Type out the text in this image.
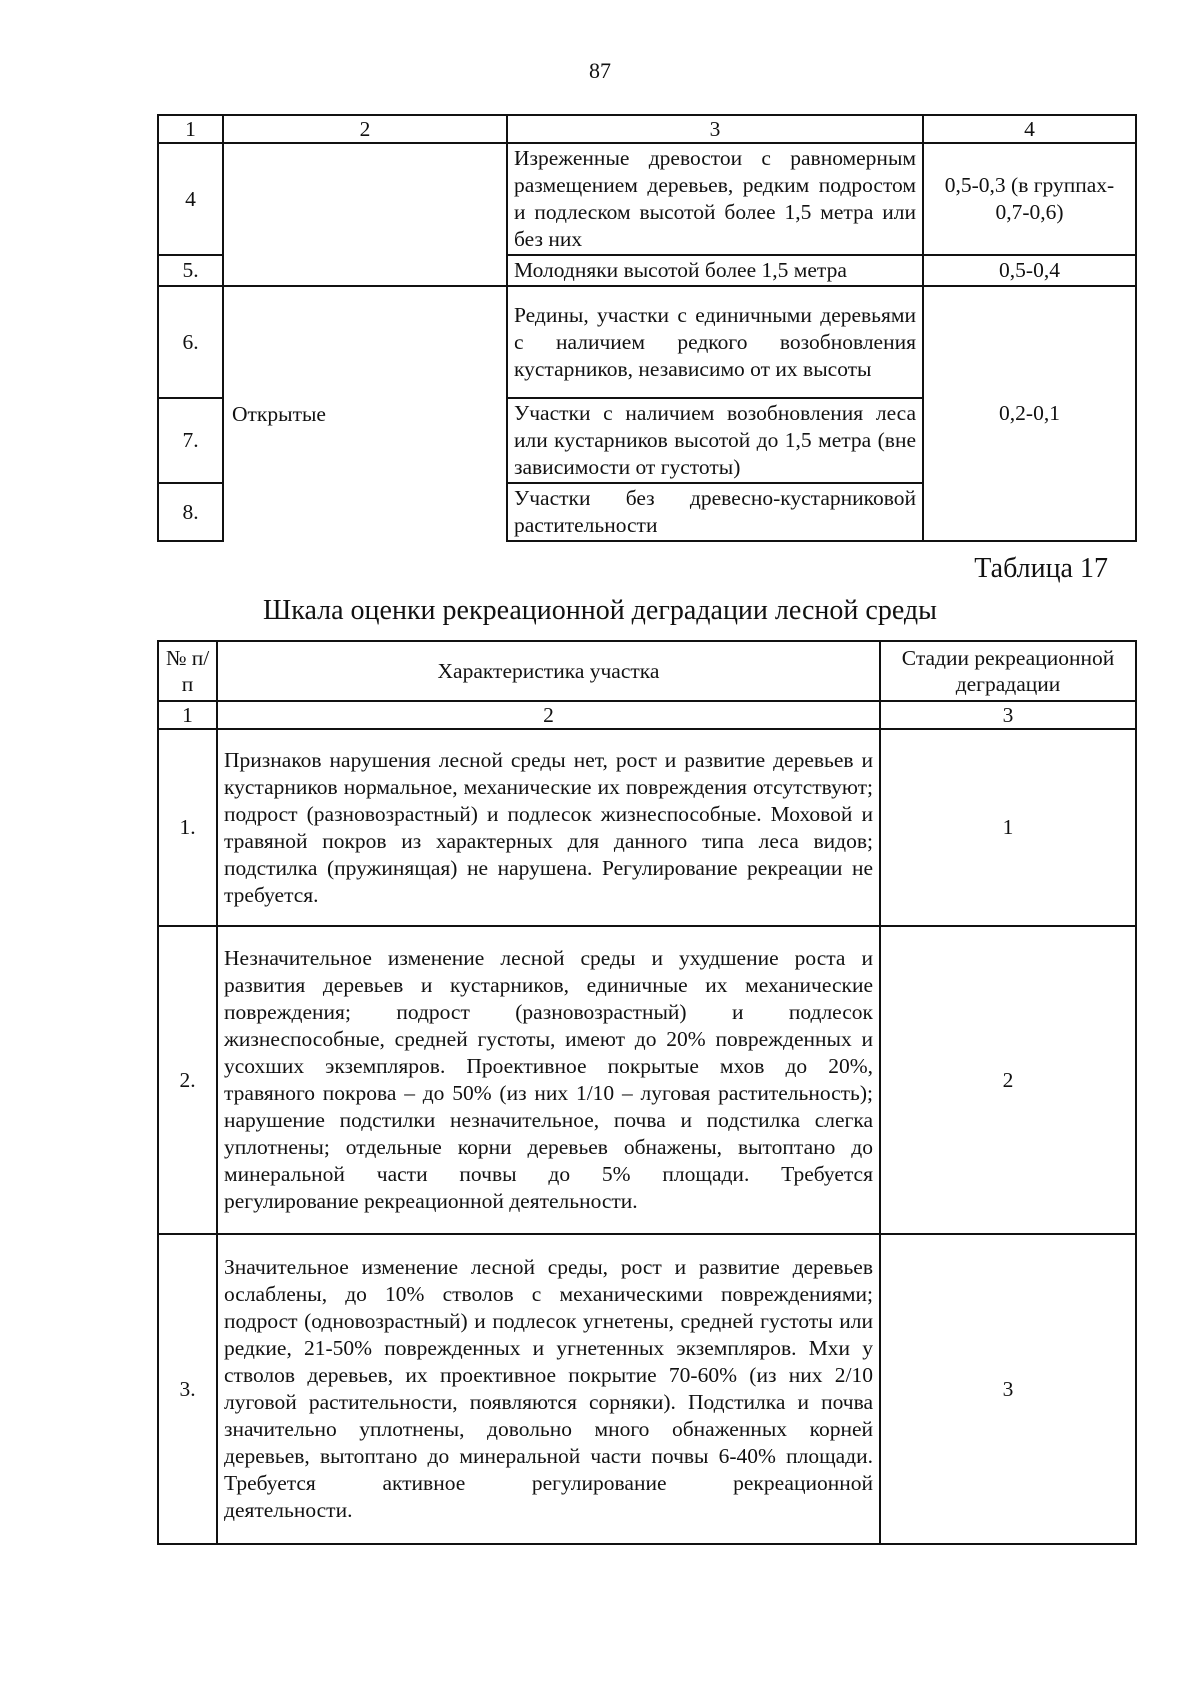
87
1	2	3	4
4		Изреженные древостои с равномерным размещением деревьев, редким подростом и подлеском высотой более 1,5 метра или без них	0,5-0,3 (в группах- 0,7-0,6)
5.		Молодняки высотой более 1,5 метра	0,5-0,4
6.	Открытые	Редины, участки с единичными деревьями с наличием редкого возобновления кустарников, независимо от их высоты	0,2-0,1
7.		Участки с наличием возобновления леса или кустарников высотой до 1,5 метра (вне зависимости от густоты)	
8.		Участки без древесно-кустарниковой растительности	
Таблица 17
Шкала оценки рекреационной деградации лесной среды
№ п/п	Характеристика участка	Стадии рекреационной деградации
1	2	3
1.	Признаков нарушения лесной среды нет, рост и развитие деревьев и кустарников нормальное, механические их повреждения отсутствуют; подрост (разновозрастный) и подлесок жизнеспособные. Моховой и травяной покров из характерных для данного типа леса видов; подстилка (пружинящая) не нарушена. Регулирование рекреации не
требуется.	1
2.	Незначительное изменение лесной среды и ухудшение роста и развития деревьев и кустарников, единичные их механические повреждения; подрост (разновозрастный) и подлесок жизнеспособные, средней густоты, имеют до 20% поврежденных и усохших экземпляров. Проективное покрытые мхов до 20%, травяного покрова – до 50% (из них 1/10 – луговая растительность); нарушение подстилки незначительное, почва и подстилка слегка уплотнены; отдельные корни деревьев обнажены, вытоптано до минеральной части почвы до 5% площади. Требуется
регулирование рекреационной деятельности.	2
3.	Значительное изменение лесной среды, рост и развитие деревьев ослаблены, до 10% стволов с механическими повреждениями; подрост (одновозрастный) и подлесок угнетены, средней густоты или редкие, 21-50% поврежденных и угнетенных экземпляров. Мхи у стволов деревьев, их проективное покрытие 70-60% (из них 2/10 луговой растительности, появляются сорняки). Подстилка и почва значительно уплотнены, довольно много обнаженных корней деревьев, вытоптано до минеральной части почвы 6-40% площади. Требуется активное регулирование рекреационной
деятельности.	3
